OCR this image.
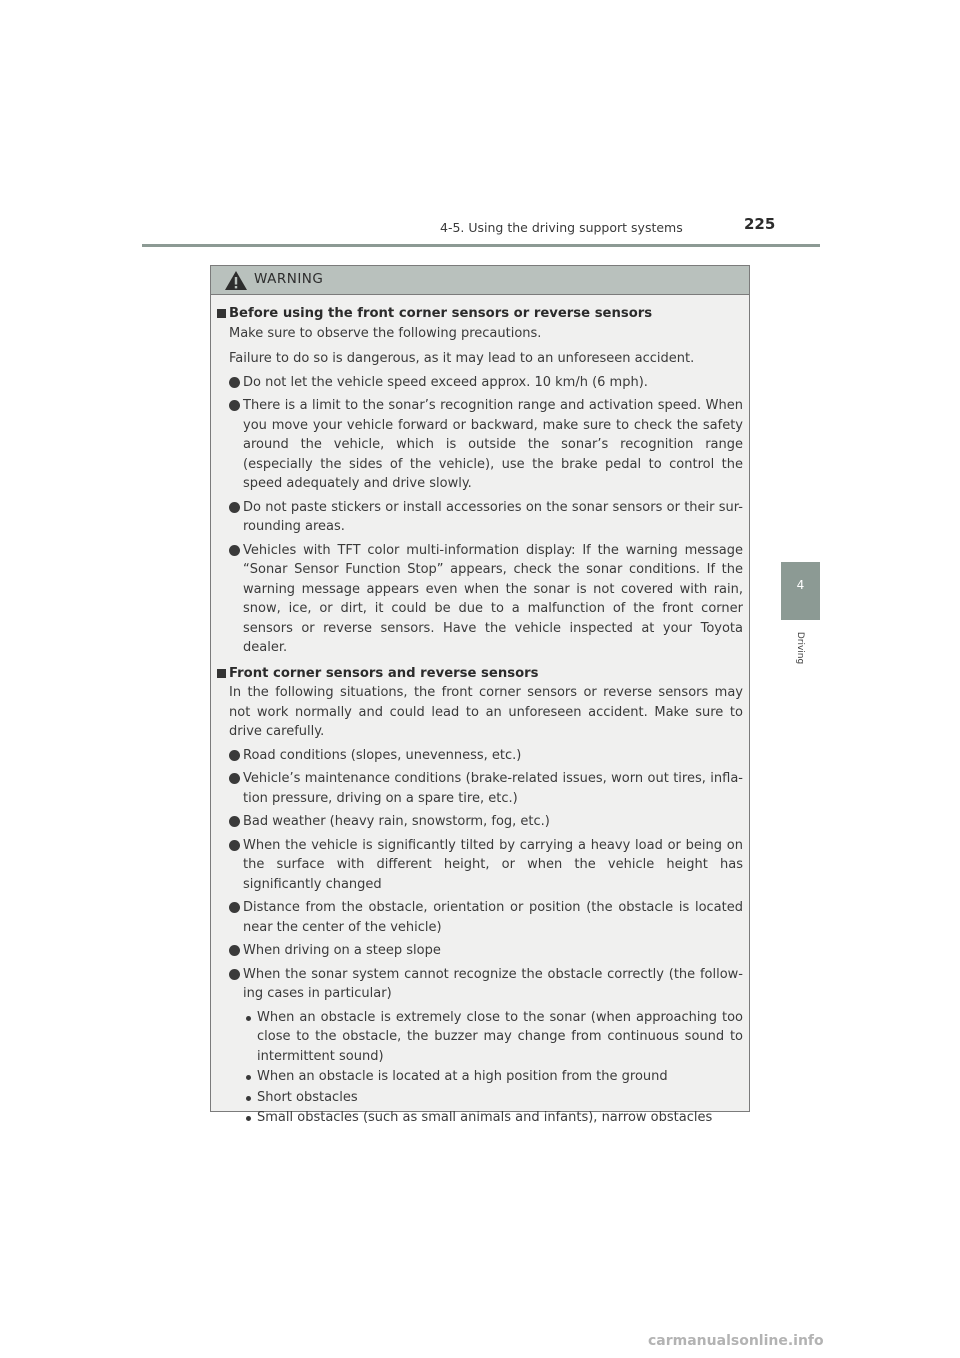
4-5. Using the driving support systems	225
4
Driving
WARNING
Before using the front corner sensors or reverse sensors
Make sure to observe the following precautions.
Failure to do so is dangerous, as it may lead to an unforeseen accident.
Do not let the vehicle speed exceed approx. 10 km/h (6 mph).
There is a limit to the sonar’s recognition range and activation speed. When you move your vehicle forward or backward, make sure to check the safety around the vehicle, which is outside the sonar’s recognition range (especially the sides of the vehicle), use the brake pedal to control the speed adequately and drive slowly.
Do not paste stickers or install accessories on the sonar sensors or their sur-rounding areas.
Vehicles with TFT color multi-information display: If the warning message “Sonar Sensor Function Stop” appears, check the sonar conditions. If the warning message appears even when the sonar is not covered with rain, snow, ice, or dirt, it could be due to a malfunction of the front corner sensors or reverse sensors. Have the vehicle inspected at your Toyota dealer.
Front corner sensors and reverse sensors
In the following situations, the front corner sensors or reverse sensors may not work normally and could lead to an unforeseen accident. Make sure to drive carefully.
Road conditions (slopes, unevenness, etc.)
Vehicle’s maintenance conditions (brake-related issues, worn out tires, infla-tion pressure, driving on a spare tire, etc.)
Bad weather (heavy rain, snowstorm, fog, etc.)
When the vehicle is significantly tilted by carrying a heavy load or being on the surface with different height, or when the vehicle height has significantly changed
Distance from the obstacle, orientation or position (the obstacle is located near the center of the vehicle)
When driving on a steep slope
When the sonar system cannot recognize the obstacle correctly (the follow-ing cases in particular)
When an obstacle is extremely close to the sonar (when approaching too close to the obstacle, the buzzer may change from continuous sound to intermittent sound)
When an obstacle is located at a high position from the ground
Short obstacles
Small obstacles (such as small animals and infants), narrow obstacles
carmanualsonline.info
